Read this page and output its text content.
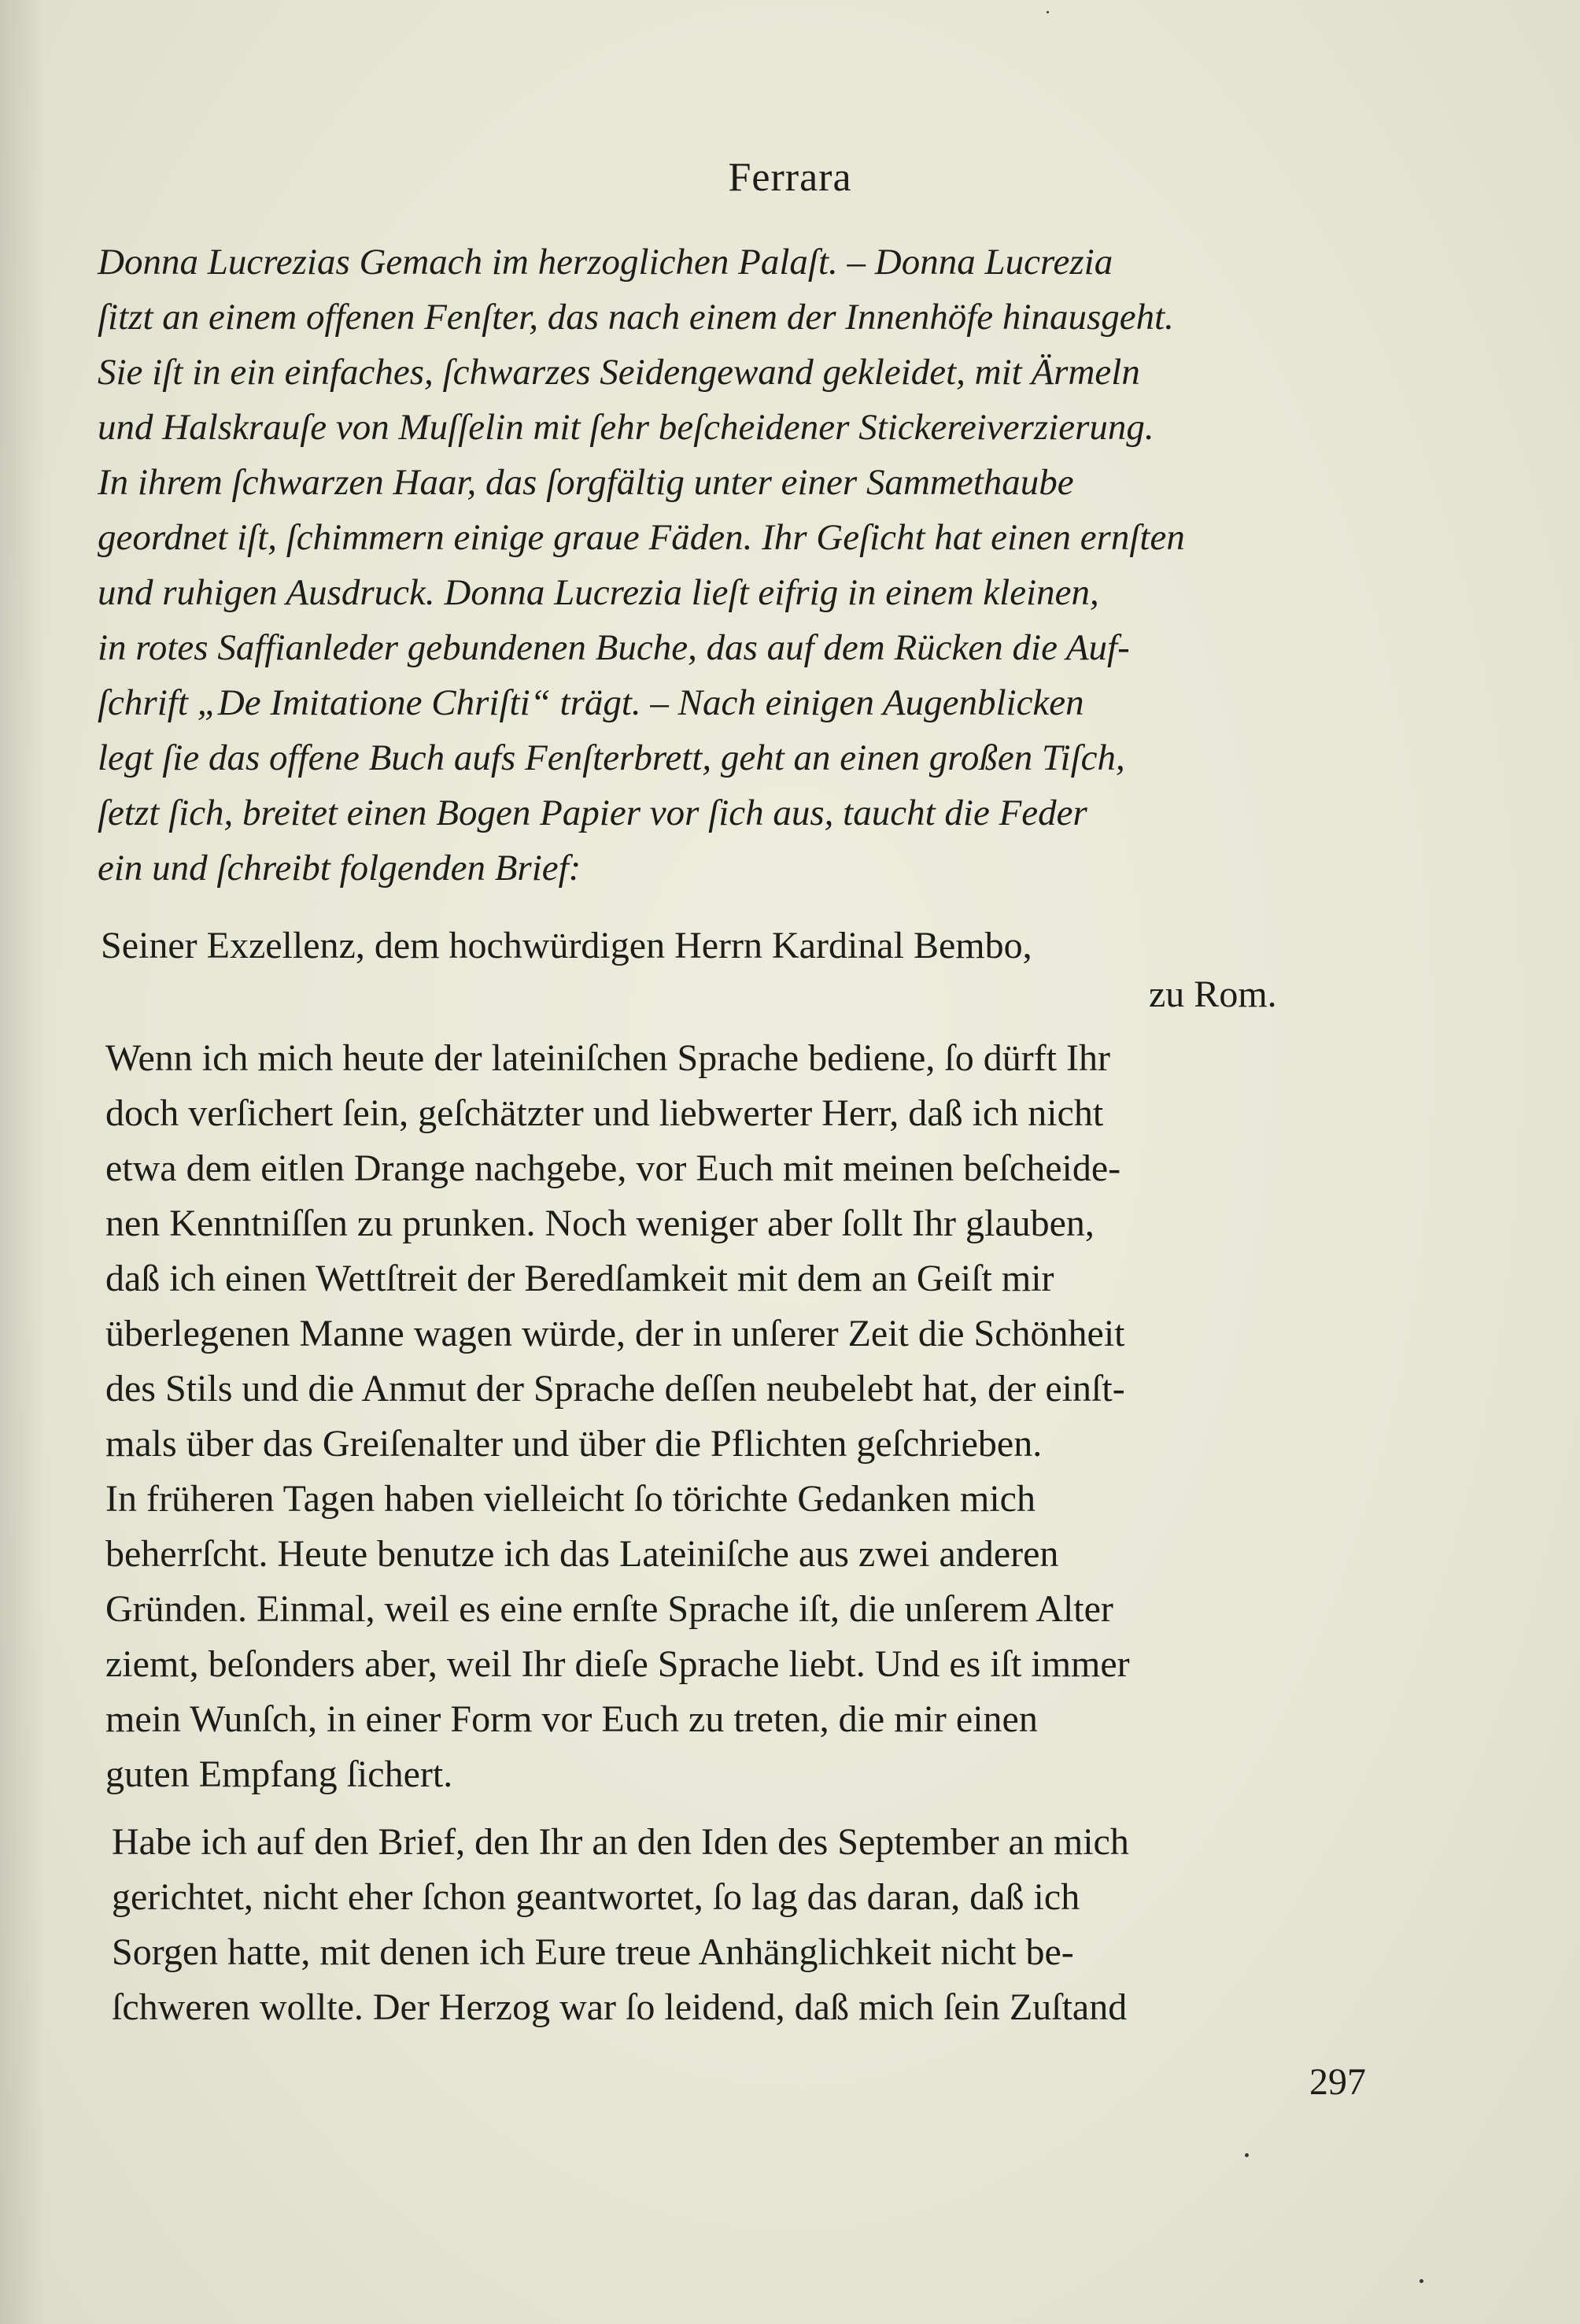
Ferrara
Donna Lucrezias Gemach im herzoglichen Palaſt. – Donna Lucrezia
ſitzt an einem offenen Fenſter, das nach einem der Innenhöfe hinausgeht.
Sie iſt in ein einfaches, ſchwarzes Seidengewand gekleidet, mit Ärmeln
und Halskrauſe von Muſſelin mit ſehr beſcheidener Stickereiverzierung.
In ihrem ſchwarzen Haar, das ſorgfältig unter einer Sammethaube
geordnet iſt, ſchimmern einige graue Fäden. Ihr Geſicht hat einen ernſten
und ruhigen Ausdruck. Donna Lucrezia lieſt eifrig in einem kleinen,
in rotes Saffianleder gebundenen Buche, das auf dem Rücken die Auf-
ſchrift „De Imitatione Chriſti“ trägt. – Nach einigen Augenblicken
legt ſie das offene Buch aufs Fenſterbrett, geht an einen großen Tiſch,
ſetzt ſich, breitet einen Bogen Papier vor ſich aus, taucht die Feder
ein und ſchreibt folgenden Brief:
Seiner Exzellenz, dem hochwürdigen Herrn Kardinal Bembo,
zu Rom.
Wenn ich mich heute der lateiniſchen Sprache bediene, ſo dürft Ihr
doch verſichert ſein, geſchätzter und liebwerter Herr, daß ich nicht
etwa dem eitlen Drange nachgebe, vor Euch mit meinen beſcheide-
nen Kenntniſſen zu prunken. Noch weniger aber ſollt Ihr glauben,
daß ich einen Wettſtreit der Beredſamkeit mit dem an Geiſt mir
überlegenen Manne wagen würde, der in unſerer Zeit die Schönheit
des Stils und die Anmut der Sprache deſſen neubelebt hat, der einſt-
mals über das Greiſenalter und über die Pflichten geſchrieben.
In früheren Tagen haben vielleicht ſo törichte Gedanken mich
beherrſcht. Heute benutze ich das Lateiniſche aus zwei anderen
Gründen. Einmal, weil es eine ernſte Sprache iſt, die unſerem Alter
ziemt, beſonders aber, weil Ihr dieſe Sprache liebt. Und es iſt immer
mein Wunſch, in einer Form vor Euch zu treten, die mir einen
guten Empfang ſichert.
Habe ich auf den Brief, den Ihr an den Iden des September an mich
gerichtet, nicht eher ſchon geantwortet, ſo lag das daran, daß ich
Sorgen hatte, mit denen ich Eure treue Anhänglichkeit nicht be-
ſchweren wollte. Der Herzog war ſo leidend, daß mich ſein Zuſtand
297
